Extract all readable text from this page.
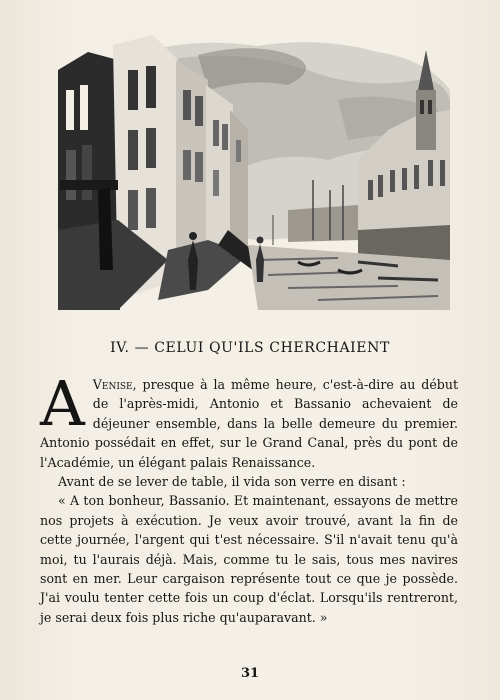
IV. — CELUI QU'ILS CHERCHAIENT

A Venise, presque à la même heure, c'est-à-dire au début de l'après-midi, Antonio et Bassanio achevaient de déjeuner ensemble, dans la belle demeure du premier. Antonio possédait en effet, sur le Grand Canal, près du pont de l'Académie, un élégant palais Renaissance.

Avant de se lever de table, il vida son verre en disant :

« A ton bonheur, Bassanio. Et maintenant, essayons de mettre nos projets à exécution. Je veux avoir trouvé, avant la fin de cette journée, l'argent qui t'est nécessaire. S'il n'avait tenu qu'à moi, tu l'aurais déjà. Mais, comme tu le sais, tous mes navires sont en mer. Leur cargaison représente tout ce que je possède. J'ai voulu tenter cette fois un coup d'éclat. Lorsqu'ils rentreront, je serai deux fois plus riche qu'auparavant. »

31
